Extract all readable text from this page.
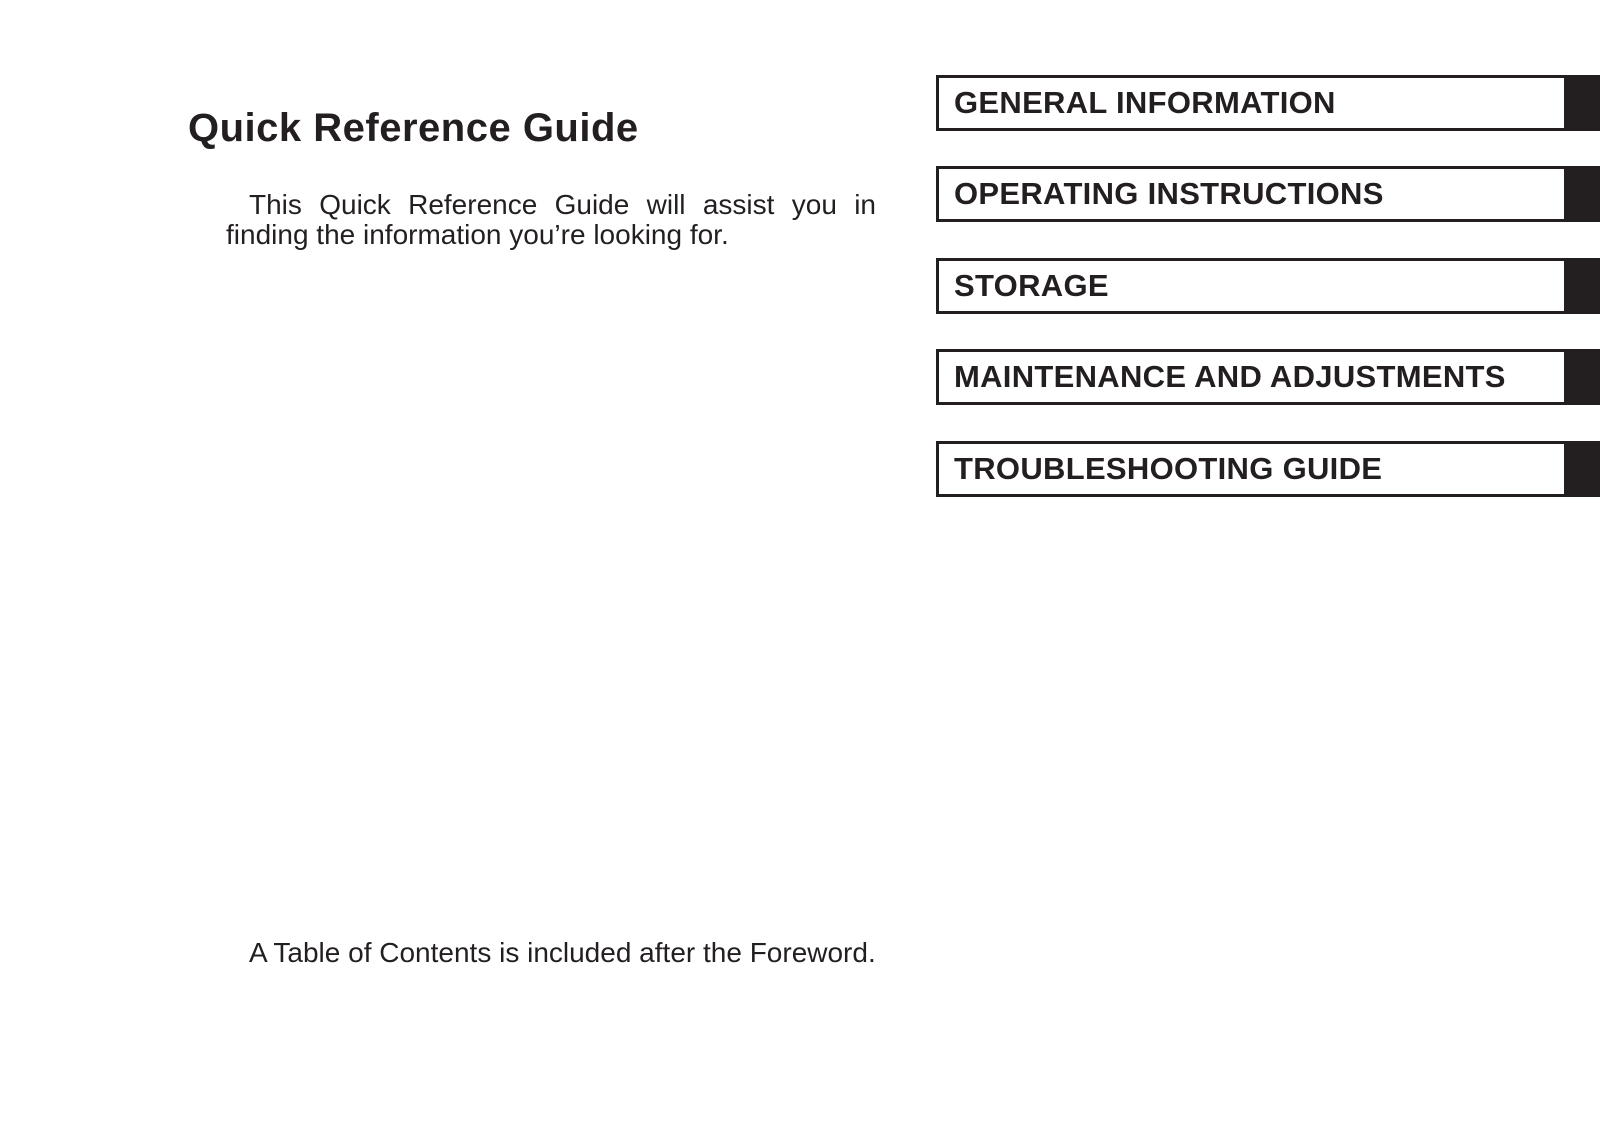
Quick Reference Guide

This Quick Reference Guide will assist you in finding the information you’re looking for.

A Table of Contents is included after the Foreword.

GENERAL INFORMATION
OPERATING INSTRUCTIONS
STORAGE
MAINTENANCE AND ADJUSTMENTS
TROUBLESHOOTING GUIDE
